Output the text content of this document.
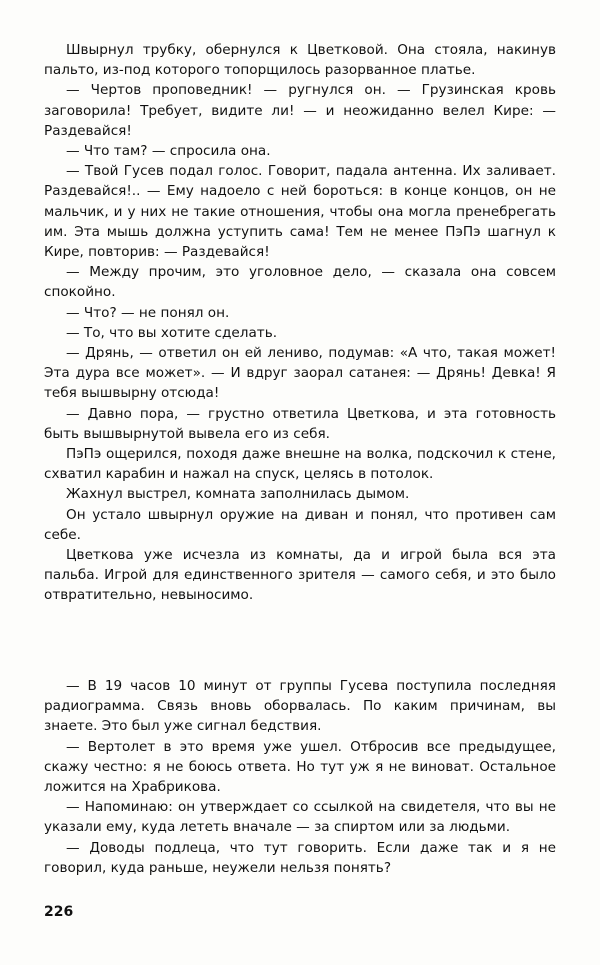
Швырнул трубку, обернулся к Цветковой. Она стояла, накинув пальто, из-под которого топорщилось разорванное платье.

— Чертов проповедник! — ругнулся он. — Грузинская кровь заговорила! Требует, видите ли! — и неожиданно велел Кире: — Раздевайся!

— Что там? — спросила она.

— Твой Гусев подал голос. Говорит, падала антенна. Их заливает. Раздевайся!.. — Ему надоело с ней бороться: в конце концов, он не мальчик, и у них не такие отношения, чтобы она могла пренебрегать им. Эта мышь должна уступить сама! Тем не менее ПэПэ шагнул к Кире, повторив: — Раздевайся!

— Между прочим, это уголовное дело, — сказала она совсем спокойно.

— Что? — не понял он.

— То, что вы хотите сделать.

— Дрянь, — ответил он ей лениво, подумав: «А что, такая может! Эта дура все может». — И вдруг заорал сатанея: — Дрянь! Девка! Я тебя вышвырну отсюда!

— Давно пора, — грустно ответила Цветкова, и эта готовность быть вышвырнутой вывела его из себя.

ПэПэ ощерился, походя даже внешне на волка, подскочил к стене, схватил карабин и нажал на спуск, целясь в потолок.

Жахнул выстрел, комната заполнилась дымом.

Он устало швырнул оружие на диван и понял, что противен сам себе.

Цветкова уже исчезла из комнаты, да и игрой была вся эта пальба. Игрой для единственного зрителя — самого себя, и это было отвратительно, невыносимо.

— В 19 часов 10 минут от группы Гусева поступила последняя радиограмма. Связь вновь оборвалась. По каким причинам, вы знаете. Это был уже сигнал бедствия.

— Вертолет в это время уже ушел. Отбросив все предыдущее, скажу честно: я не боюсь ответа. Но тут уж я не виноват. Остальное ложится на Храбрикова.

— Напоминаю: он утверждает со ссылкой на свидетеля, что вы не указали ему, куда лететь вначале — за спиртом или за людьми.

— Доводы подлеца, что тут говорить. Если даже так и я не говорил, куда раньше, неужели нельзя понять?

226
